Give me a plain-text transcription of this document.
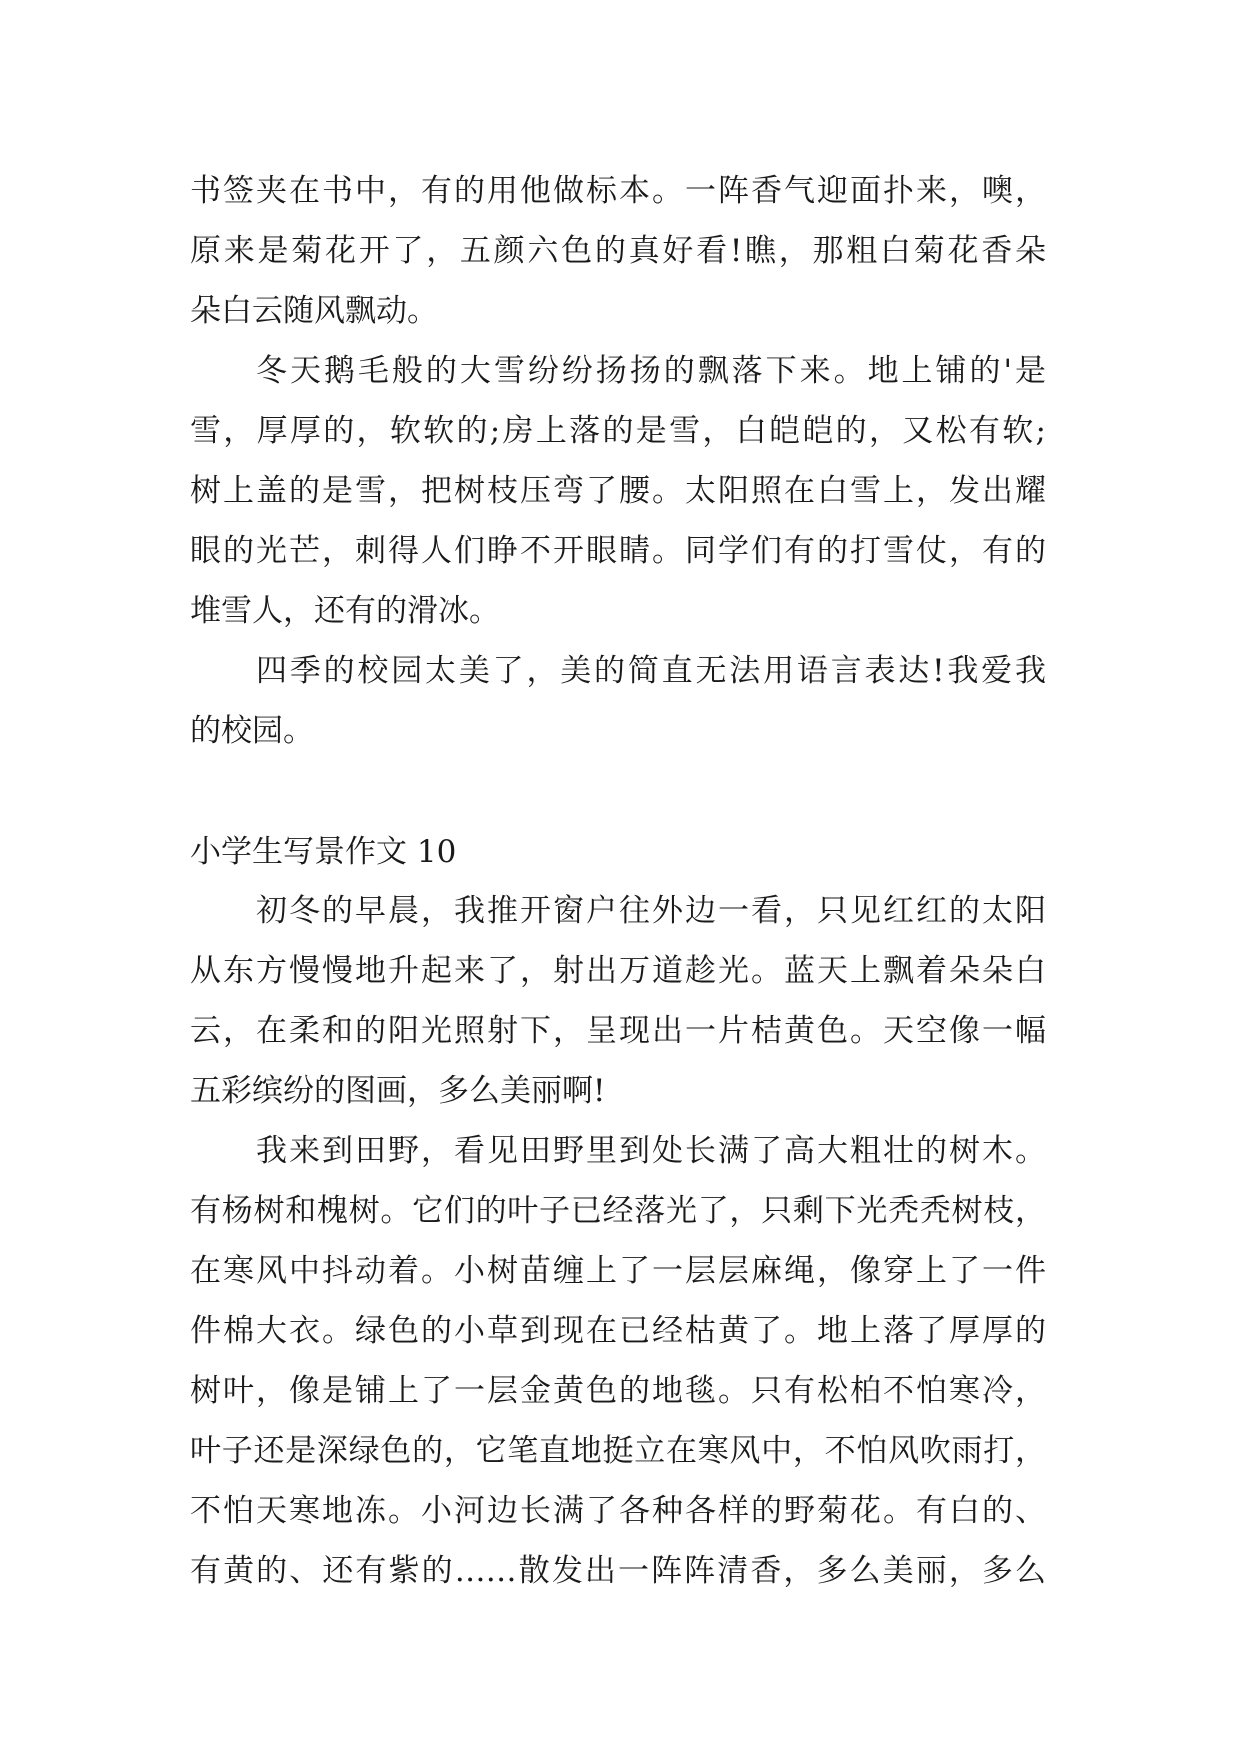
书签夹在书中，有的用他做标本。一阵香气迎面扑来，噢，
原来是菊花开了，五颜六色的真好看!瞧，那粗白菊花香朵
朵白云随风飘动。
冬天鹅毛般的大雪纷纷扬扬的飘落下来。地上铺的'是
雪，厚厚的，软软的;房上落的是雪，白皑皑的，又松有软;
树上盖的是雪，把树枝压弯了腰。太阳照在白雪上，发出耀
眼的光芒，刺得人们睁不开眼睛。同学们有的打雪仗，有的
堆雪人，还有的滑冰。
四季的校园太美了，美的简直无法用语言表达!我爱我
的校园。
小学生写景作文 10
初冬的早晨，我推开窗户往外边一看，只见红红的太阳
从东方慢慢地升起来了，射出万道趁光。蓝天上飘着朵朵白
云，在柔和的阳光照射下，呈现出一片桔黄色。天空像一幅
五彩缤纷的图画，多么美丽啊!
我来到田野，看见田野里到处长满了高大粗壮的树木。
有杨树和槐树。它们的叶子已经落光了，只剩下光秃秃树枝，
在寒风中抖动着。小树苗缠上了一层层麻绳，像穿上了一件
件棉大衣。绿色的小草到现在已经枯黄了。地上落了厚厚的
树叶，像是铺上了一层金黄色的地毯。只有松柏不怕寒冷，
叶子还是深绿色的，它笔直地挺立在寒风中，不怕风吹雨打，
不怕天寒地冻。小河边长满了各种各样的野菊花。有白的、
有黄的、还有紫的……散发出一阵阵清香，多么美丽，多么
